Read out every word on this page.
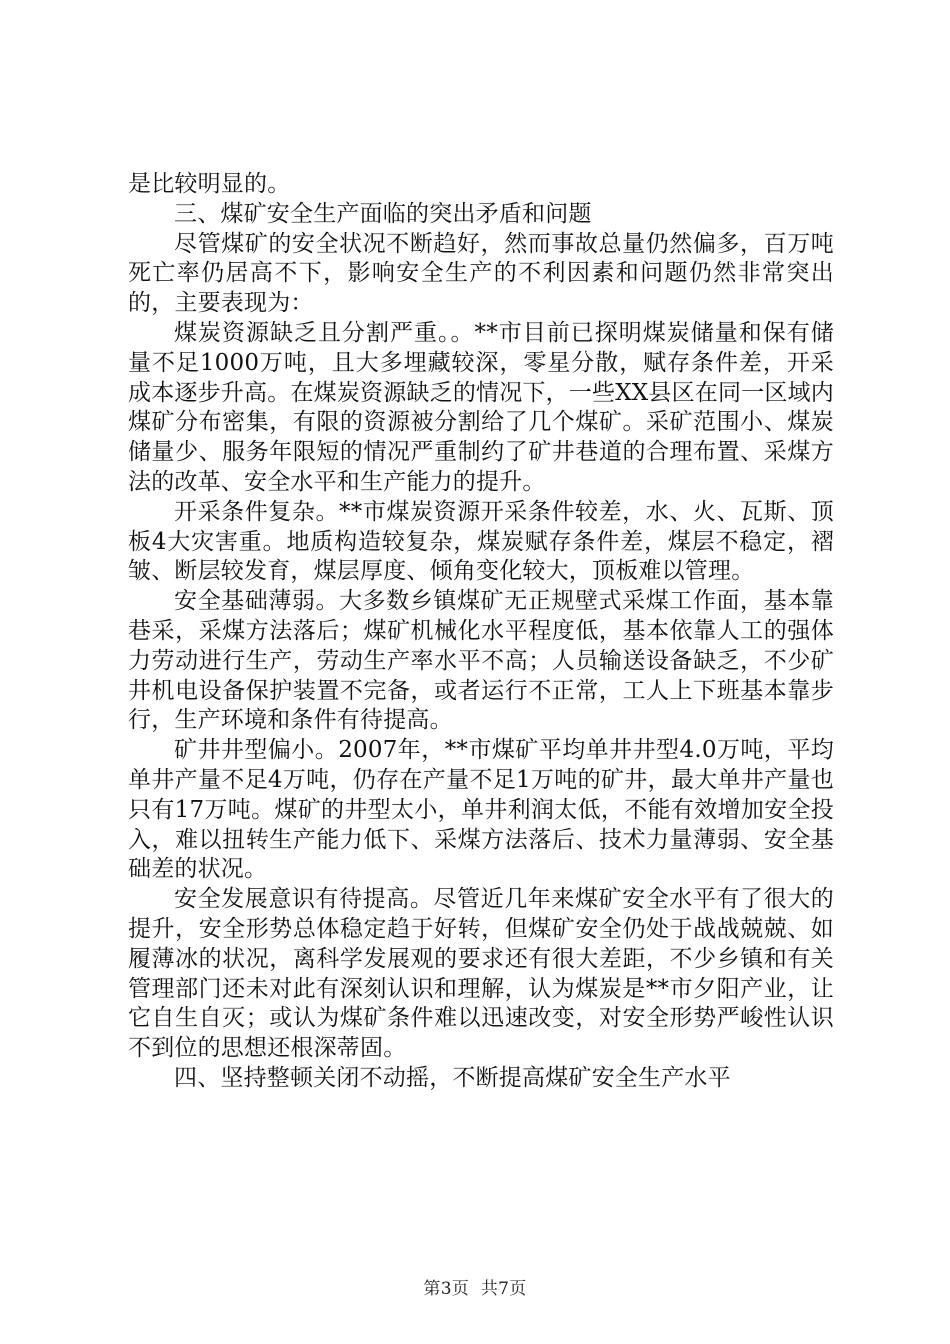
是比较明显的。

三、煤矿安全生产面临的突出矛盾和问题

尽管煤矿的安全状况不断趋好，然而事故总量仍然偏多，百万吨死亡率仍居高不下，影响安全生产的不利因素和问题仍然非常突出的，主要表现为：

煤炭资源缺乏且分割严重。。**市目前已探明煤炭储量和保有储量不足1000万吨，且大多埋藏较深，零星分散，赋存条件差，开采成本逐步升高。在煤炭资源缺乏的情况下，一些XX县区在同一区域内煤矿分布密集，有限的资源被分割给了几个煤矿。采矿范围小、煤炭储量少、服务年限短的情况严重制约了矿井巷道的合理布置、采煤方法的改革、安全水平和生产能力的提升。

开采条件复杂。**市煤炭资源开采条件较差，水、火、瓦斯、顶板4大灾害重。地质构造较复杂，煤炭赋存条件差，煤层不稳定，褶皱、断层较发育，煤层厚度、倾角变化较大，顶板难以管理。

安全基础薄弱。大多数乡镇煤矿无正规壁式采煤工作面，基本靠巷采，采煤方法落后；煤矿机械化水平程度低，基本依靠人工的强体力劳动进行生产，劳动生产率水平不高；人员输送设备缺乏，不少矿井机电设备保护装置不完备，或者运行不正常，工人上下班基本靠步行，生产环境和条件有待提高。

矿井井型偏小。2007年，**市煤矿平均单井井型4.0万吨，平均单井产量不足4万吨，仍存在产量不足1万吨的矿井，最大单井产量也只有17万吨。煤矿的井型太小，单井利润太低，不能有效增加安全投入，难以扭转生产能力低下、采煤方法落后、技术力量薄弱、安全基础差的状况。

安全发展意识有待提高。尽管近几年来煤矿安全水平有了很大的提升，安全形势总体稳定趋于好转，但煤矿安全仍处于战战兢兢、如履薄冰的状况，离科学发展观的要求还有很大差距，不少乡镇和有关管理部门还未对此有深刻认识和理解，认为煤炭是**市夕阳产业，让它自生自灭；或认为煤矿条件难以迅速改变，对安全形势严峻性认识不到位的思想还根深蒂固。

四、坚持整顿关闭不动摇，不断提高煤矿安全生产水平

第3页 共7页
